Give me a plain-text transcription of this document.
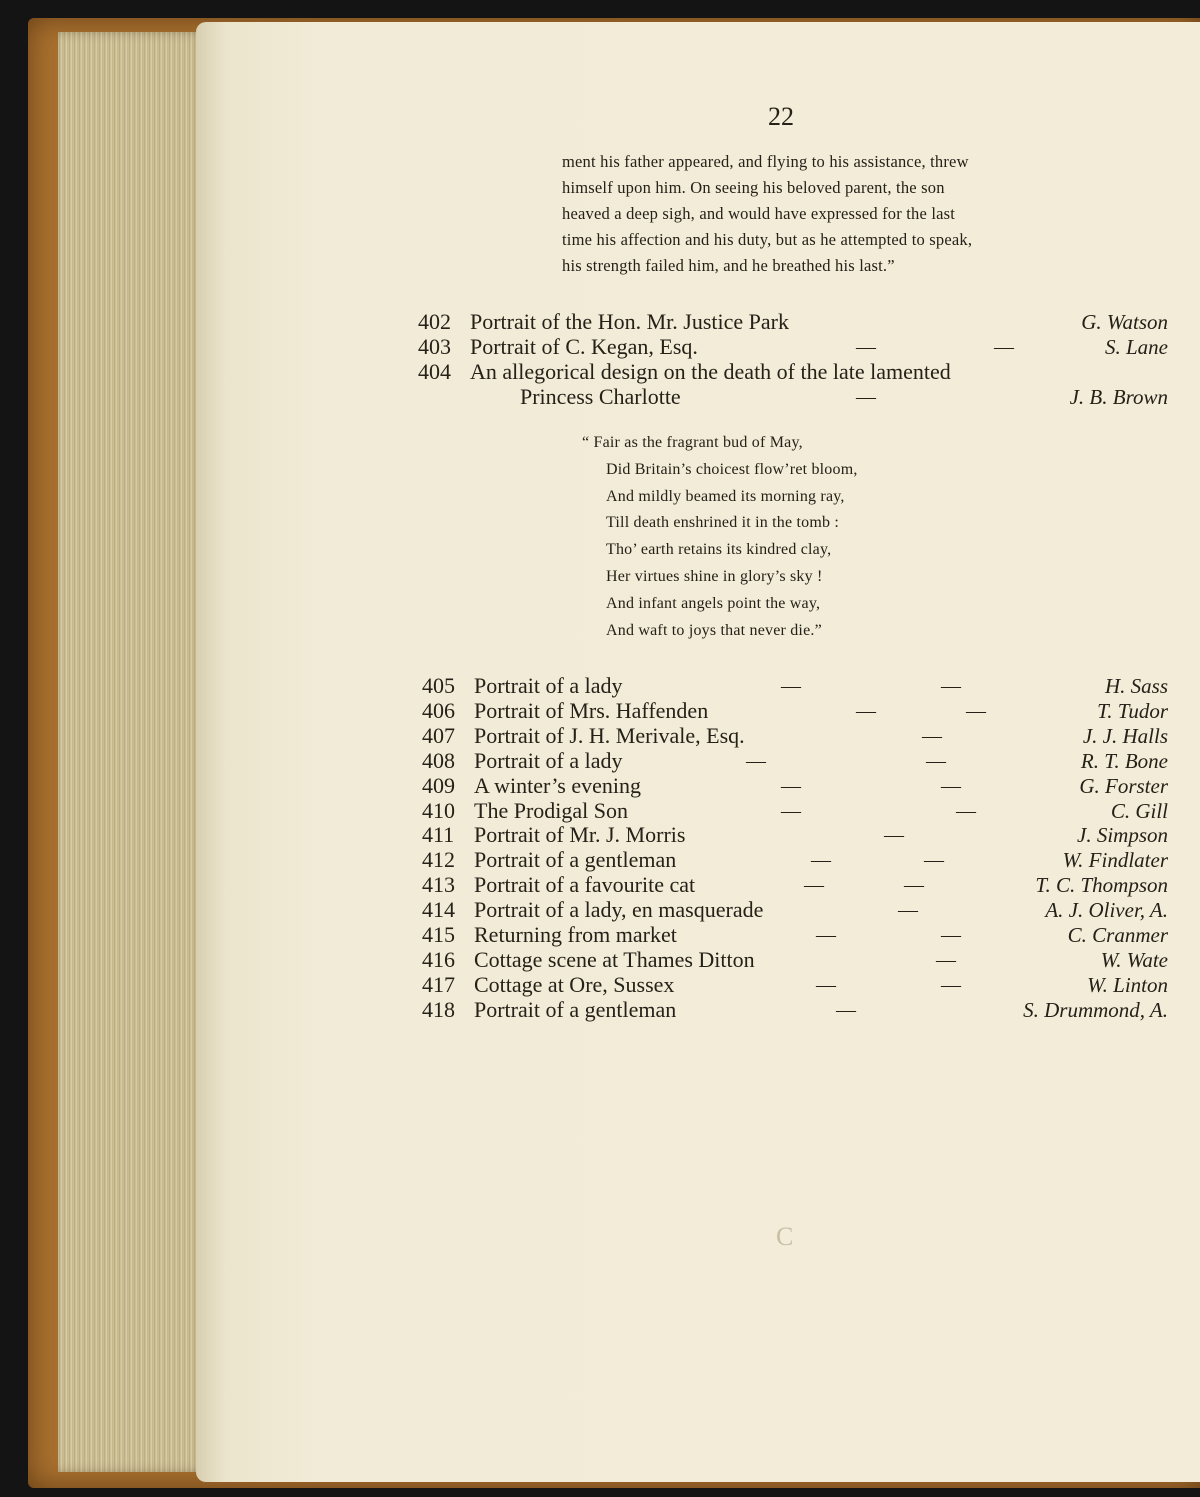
22
ment his father appeared, and flying to his assistance, threw
himself upon him. On seeing his beloved parent, the son
heaved a deep sigh, and would have expressed for the last
time his affection and his duty, but as he attempted to speak,
his strength failed him, and he breathed his last.”
402 Portrait of the Hon. Mr. Justice Park	G. Watson
403 Portrait of C. Kegan, Esq.	—	—	S. Lane
404 An allegorical design on the death of the late lamented
Princess Charlotte	—	J. B. Brown
“ Fair as the fragrant bud of May,
Did Britain’s choicest flow’ret bloom,
And mildly beamed its morning ray,
Till death enshrined it in the tomb :
Tho’ earth retains its kindred clay,
Her virtues shine in glory’s sky !
And infant angels point the way,
And waft to joys that never die.”
405 Portrait of a lady	—	—	H. Sass
406 Portrait of Mrs. Haffenden	—	—	T. Tudor
407 Portrait of J. H. Merivale, Esq.	—	J. J. Halls
408 Portrait of a lady	—	—	R. T. Bone
409 A winter’s evening	—	—	G. Forster
410 The Prodigal Son	—	—	C. Gill
411 Portrait of Mr. J. Morris	—	J. Simpson
412 Portrait of a gentleman	—	—	W. Findlater
413 Portrait of a favourite cat	—	—	T. C. Thompson
414 Portrait of a lady, en masquerade	—	A. J. Oliver, A.
415 Returning from market	—	—	C. Cranmer
416 Cottage scene at Thames Ditton	—	W. Wate
417 Cottage at Ore, Sussex	—	—	W. Linton
418 Portrait of a gentleman	—	S. Drummond, A.
C
